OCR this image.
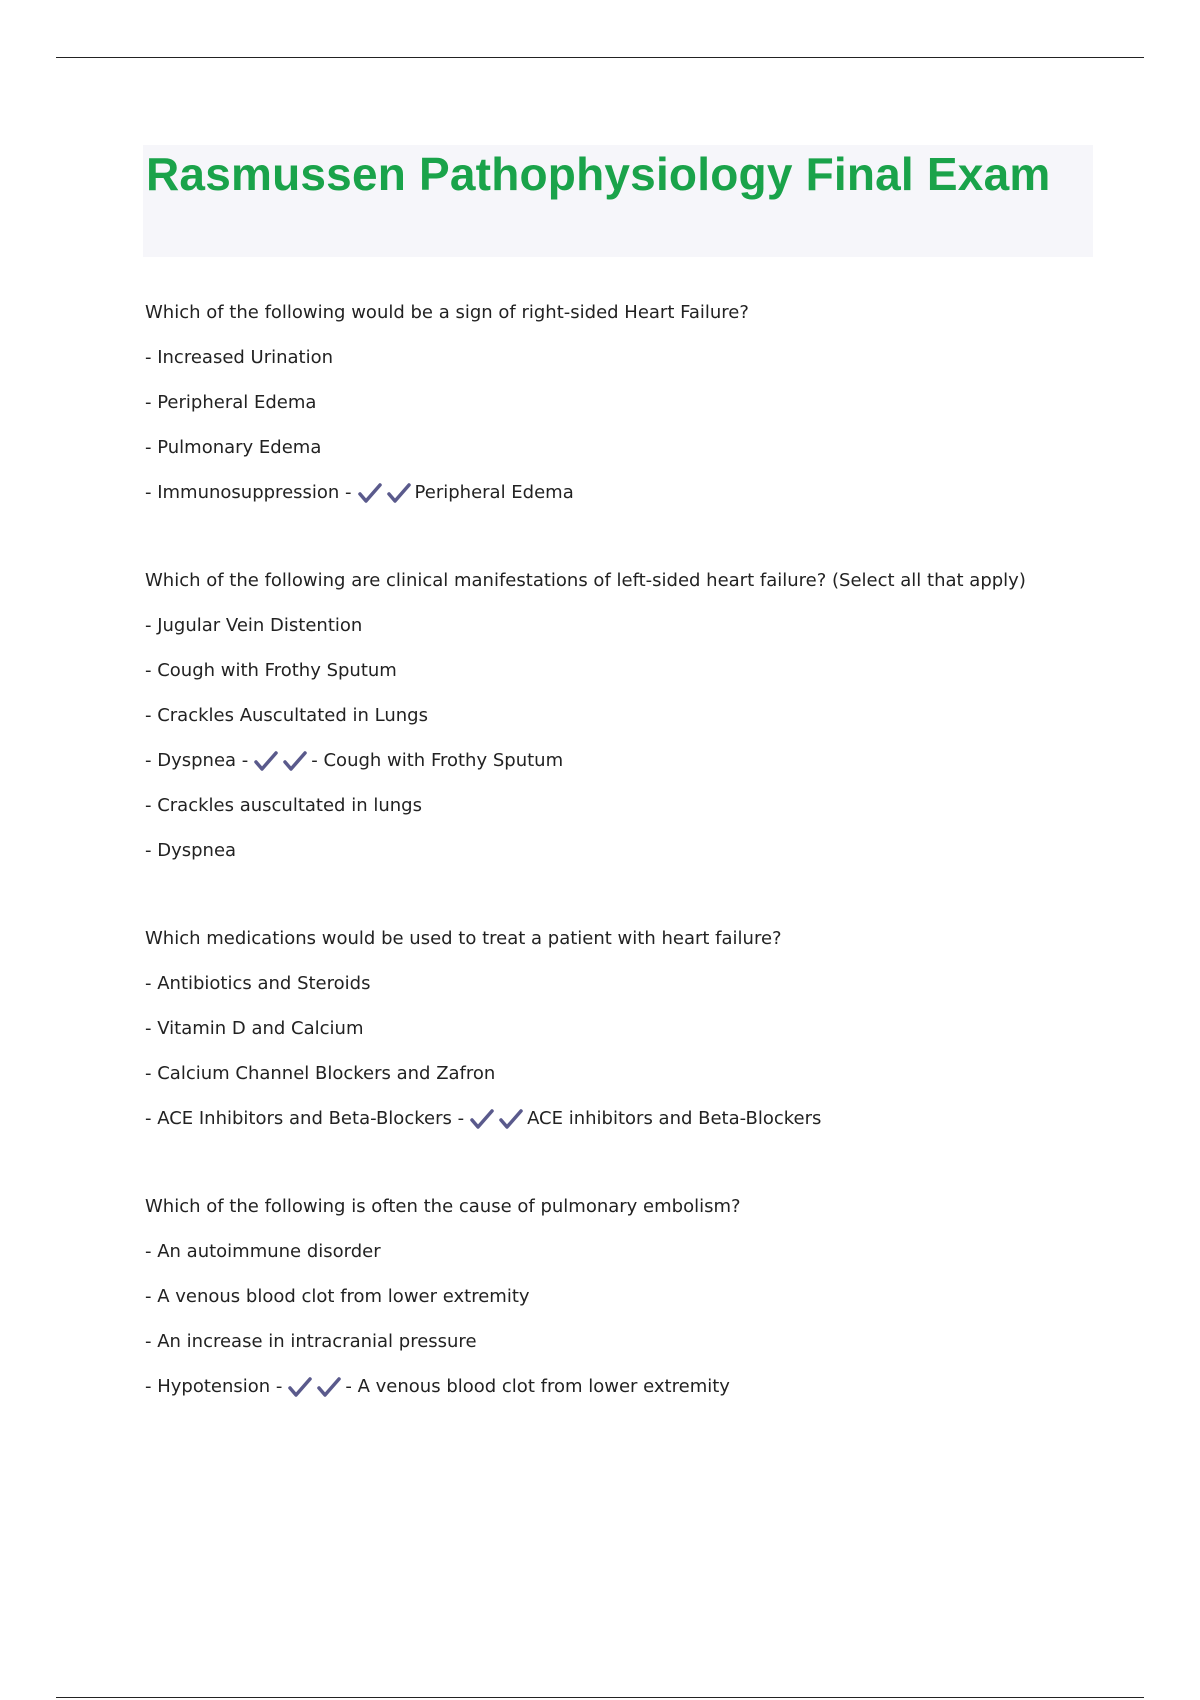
Rasmussen Pathophysiology Final Exam

Which of the following would be a sign of right-sided Heart Failure?

- Increased Urination

- Peripheral Edema

- Pulmonary Edema

- Immunosuppression -	Peripheral Edema

Which of the following are clinical manifestations of left-sided heart failure? (Select all that apply)

- Jugular Vein Distention

- Cough with Frothy Sputum

- Crackles Auscultated in Lungs

- Dyspnea -	- Cough with Frothy Sputum

- Crackles auscultated in lungs

- Dyspnea

Which medications would be used to treat a patient with heart failure?

- Antibiotics and Steroids

- Vitamin D and Calcium

- Calcium Channel Blockers and Zafron

- ACE Inhibitors and Beta-Blockers -	ACE inhibitors and Beta-Blockers

Which of the following is often the cause of pulmonary embolism?

- An autoimmune disorder

- A venous blood clot from lower extremity

- An increase in intracranial pressure

- Hypotension -	- A venous blood clot from lower extremity
